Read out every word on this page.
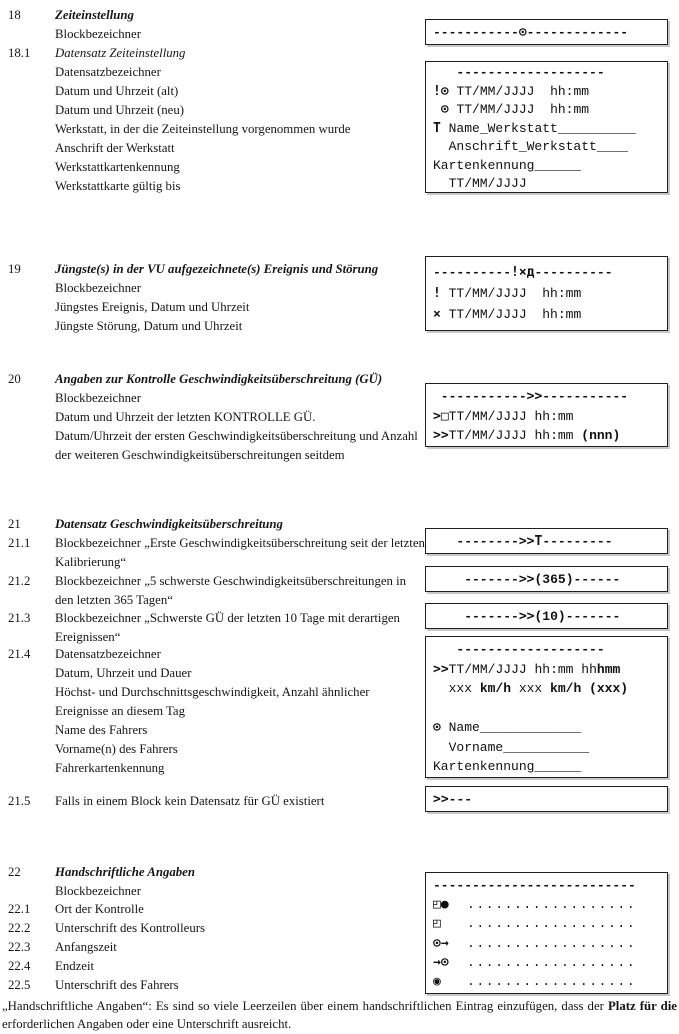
18	Zeiteinstellung
Blockbezeichner
18.1 Datensatz Zeiteinstellung
Datensatzbezeichner
Datum und Uhrzeit (alt)
Datum und Uhrzeit (neu)
Werkstatt, in der die Zeiteinstellung vorgenommen wurde
Anschrift der Werkstatt
Werkstattkartenkennung
Werkstattkarte gültig bis
-----------⊙-------------
-------------------
!⊙ TT/MM/JJJJ  hh:mm
⊙ TT/MM/JJJJ  hh:mm
T Name_Werkstatt__________
Anschrift_Werkstatt____
Kartenkennung______
TT/MM/JJJJ
19	Jüngste(s) in der VU aufgezeichnete(s) Ereignis und Störung
Blockbezeichner
Jüngstes Ereignis, Datum und Uhrzeit
Jüngste Störung, Datum und Uhrzeit
----------!×д----------
! TT/MM/JJJJ  hh:mm
× TT/MM/JJJJ  hh:mm
20	Angaben zur Kontrolle Geschwindigkeitsüberschreitung (GÜ)
Blockbezeichner
Datum und Uhrzeit der letzten KONTROLLE GÜ.
Datum/Uhrzeit der ersten Geschwindigkeitsüberschreitung und Anzahl der weiteren Geschwindigkeitsüberschreitungen seitdem
----------->>-----------
>□TT/MM/JJJJ hh:mm
>>TT/MM/JJJJ hh:mm (nnn)
21	Datensatz Geschwindigkeitsüberschreitung
21.1 Blockbezeichner „Erste Geschwindigkeitsüberschreitung seit der letzten Kalibrierung“
-------->>T---------
21.2 Blockbezeichner „5 schwerste Geschwindigkeitsüberschreitungen in den letzten 365 Tagen“
------->>(365)------
21.3 Blockbezeichner „Schwerste GÜ der letzten 10 Tage mit derartigen Ereignissen“
------->>(10)-------
21.4 Datensatzbezeichner
Datum, Uhrzeit und Dauer
Höchst- und Durchschnittsgeschwindigkeit, Anzahl ähnlicher Ereignisse an diesem Tag
Name des Fahrers
Vorname(n) des Fahrers
Fahrerkartenkennung
-------------------
>>TT/MM/JJJJ hh:mm hhhmm
xxx km/h xxx km/h (xxx)

⊙ Name_____________
Vorname___________
Kartenkennung______
21.5 Falls in einem Block kein Datensatz für GÜ existiert	>>---
22	Handschriftliche Angaben
Blockbezeichner
22.1 Ort der Kontrolle
22.2 Unterschrift des Kontrolleurs
22.3 Anfangszeit
22.4 Endzeit
22.5 Unterschrift des Fahrers
--------------------------
◰●	..................
◰	..................
⊙→	..................
→⊙	..................
◉	..................
„Handschriftliche Angaben“: Es sind so viele Leerzeilen über einem handschriftlichen Eintrag einzufügen, dass der Platz für die
erforderlichen Angaben oder eine Unterschrift ausreicht.
